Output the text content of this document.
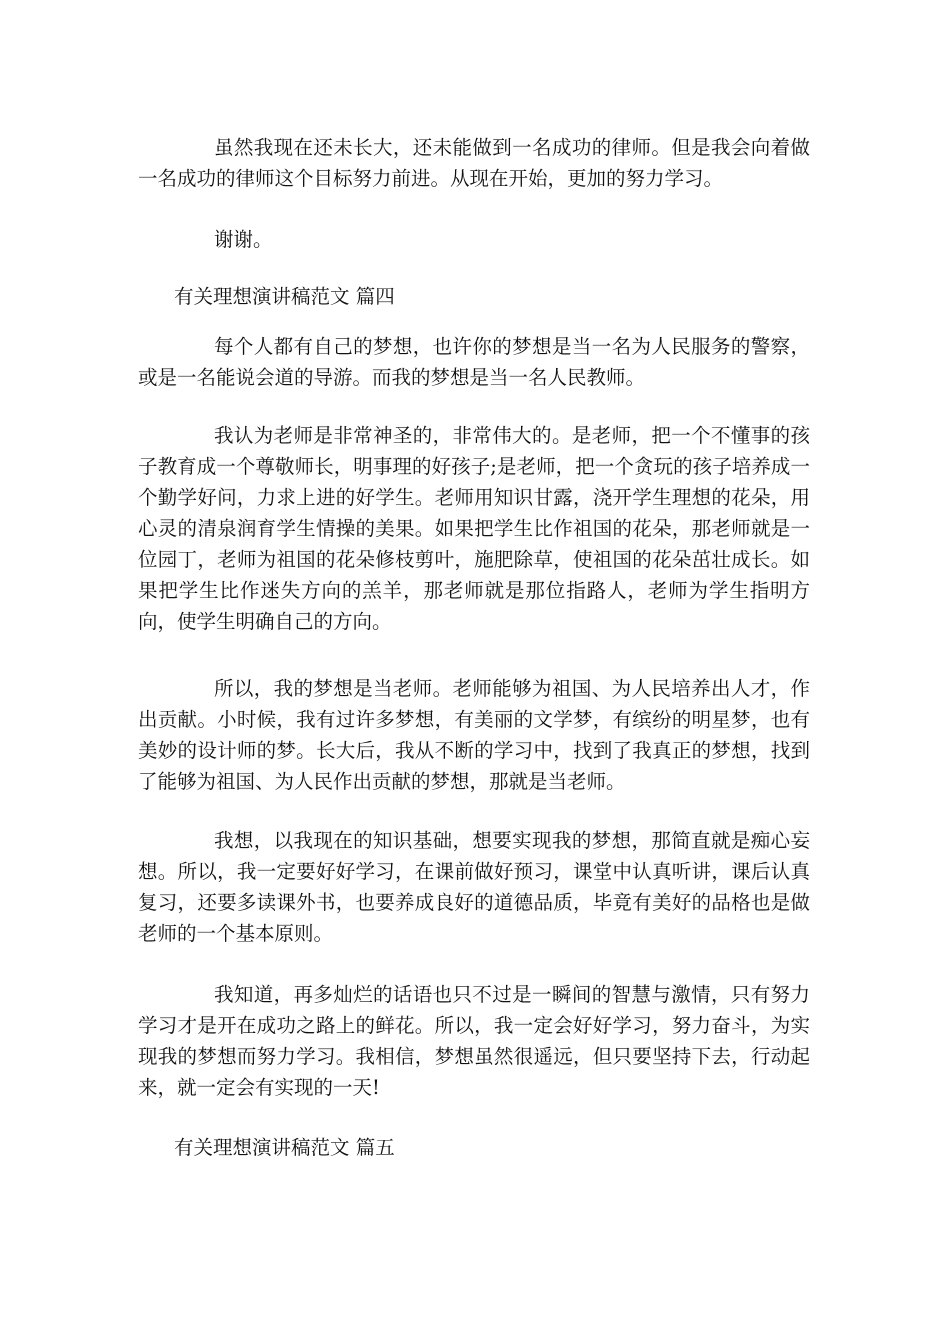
虽然我现在还未长大，还未能做到一名成功的律师。但是我会向着做一名成功的律师这个目标努力前进。从现在开始，更加的努力学习。

谢谢。

有关理想演讲稿范文 篇四

每个人都有自己的梦想，也许你的梦想是当一名为人民服务的警察，或是一名能说会道的导游。而我的梦想是当一名人民教师。

我认为老师是非常神圣的，非常伟大的。是老师，把一个不懂事的孩子教育成一个尊敬师长，明事理的好孩子;是老师，把一个贪玩的孩子培养成一个勤学好问，力求上进的好学生。老师用知识甘露，浇开学生理想的花朵，用心灵的清泉润育学生情操的美果。如果把学生比作祖国的花朵，那老师就是一位园丁，老师为祖国的花朵修枝剪叶，施肥除草，使祖国的花朵茁壮成长。如果把学生比作迷失方向的羔羊，那老师就是那位指路人，老师为学生指明方向，使学生明确自己的方向。

所以，我的梦想是当老师。老师能够为祖国、为人民培养出人才，作出贡献。小时候，我有过许多梦想，有美丽的文学梦，有缤纷的明星梦，也有美妙的设计师的梦。长大后，我从不断的学习中，找到了我真正的梦想，找到了能够为祖国、为人民作出贡献的梦想，那就是当老师。

我想，以我现在的知识基础，想要实现我的梦想，那简直就是痴心妄想。所以，我一定要好好学习，在课前做好预习，课堂中认真听讲，课后认真复习，还要多读课外书，也要养成良好的道德品质，毕竟有美好的品格也是做老师的一个基本原则。

我知道，再多灿烂的话语也只不过是一瞬间的智慧与激情，只有努力学习才是开在成功之路上的鲜花。所以，我一定会好好学习，努力奋斗，为实现我的梦想而努力学习。我相信，梦想虽然很遥远，但只要坚持下去，行动起来，就一定会有实现的一天!

有关理想演讲稿范文 篇五
